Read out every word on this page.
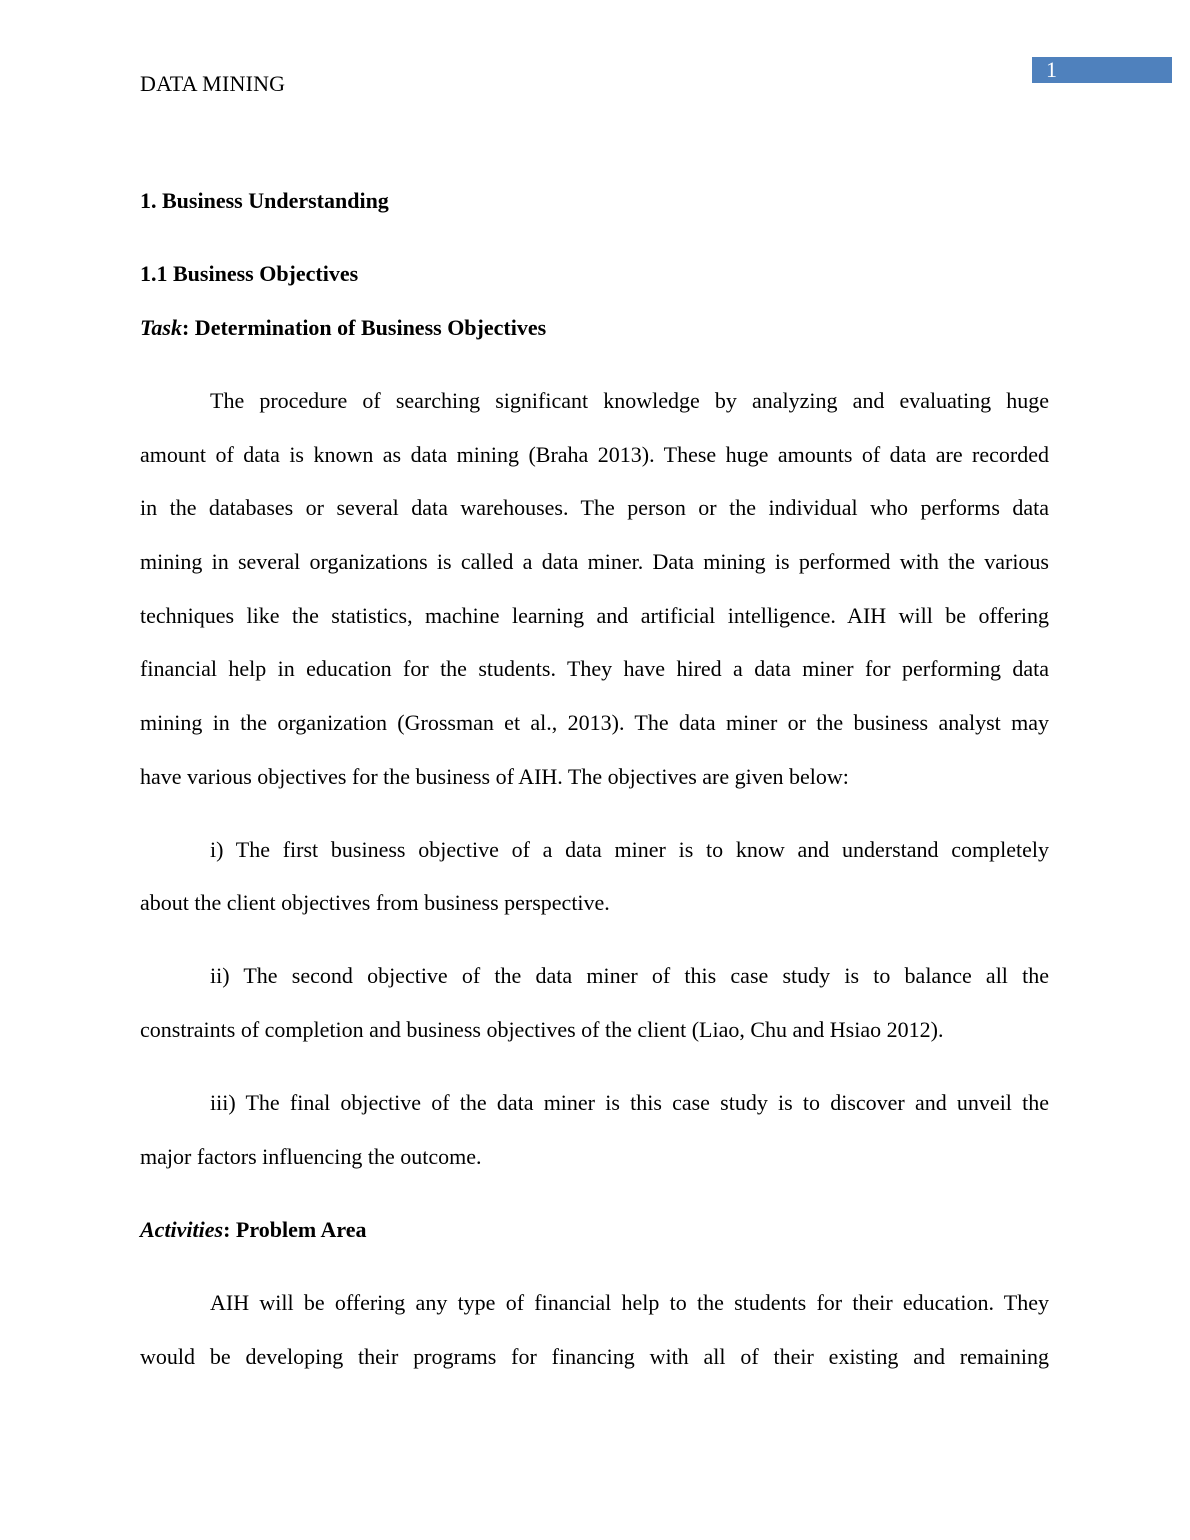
DATA MINING
1
1. Business Understanding
1.1 Business Objectives
Task: Determination of Business Objectives
The procedure of searching significant knowledge by analyzing and evaluating huge
amount of data is known as data mining (Braha 2013). These huge amounts of data are recorded
in the databases or several data warehouses. The person or the individual who performs data
mining in several organizations is called a data miner. Data mining is performed with the various
techniques like the statistics, machine learning and artificial intelligence. AIH will be offering
financial help in education for the students. They have hired a data miner for performing data
mining in the organization (Grossman et al., 2013). The data miner or the business analyst may
have various objectives for the business of AIH. The objectives are given below:
i) The first business objective of a data miner is to know and understand completely
about the client objectives from business perspective.
ii) The second objective of the data miner of this case study is to balance all the
constraints of completion and business objectives of the client (Liao, Chu and Hsiao 2012).
iii) The final objective of the data miner is this case study is to discover and unveil the
major factors influencing the outcome.
Activities: Problem Area
AIH will be offering any type of financial help to the students for their education. They
would be developing their programs for financing with all of their existing and remaining
